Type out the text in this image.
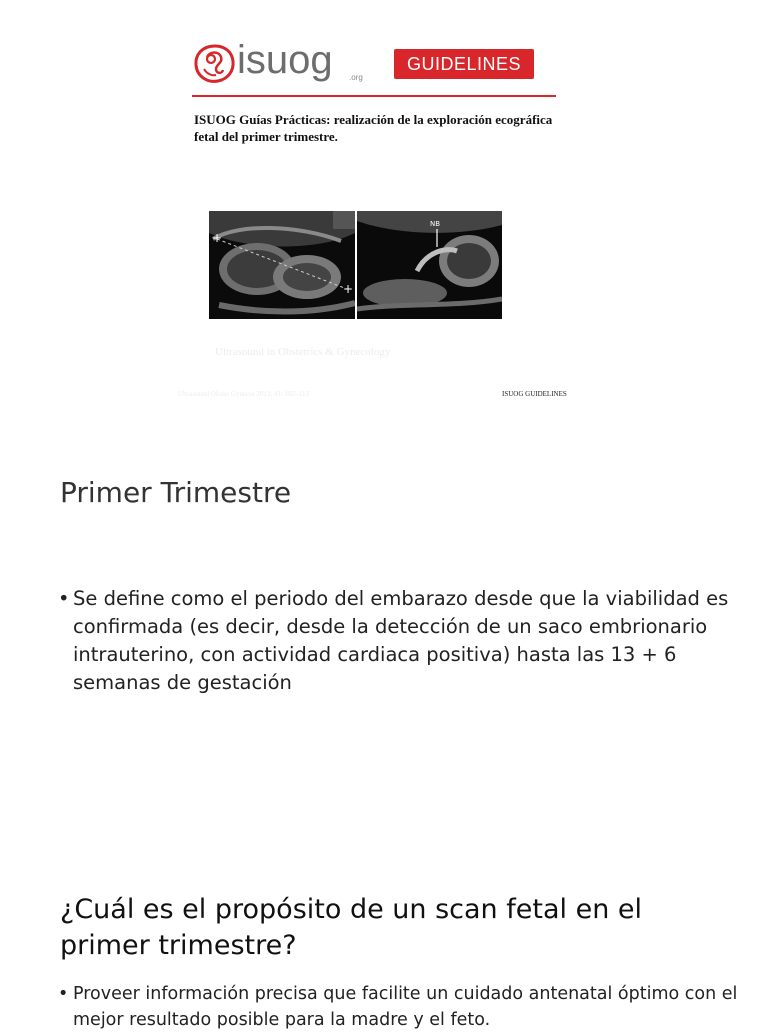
isuog .org
GUIDELINES
ISUOG Guías Prácticas: realización de la exploración ecográfica fetal del primer trimestre.
+
+
NB
Ultrasound in Obstetrics & Gynecology
Ultrasound Obstet Gynecol 2013; 41: 102–113	ISUOG GUIDELINES
Primer Trimestre
• Se define como el periodo del embarazo desde que la viabilidad es confirmada (es decir, desde la detección de un saco embrionario intrauterino, con actividad cardiaca positiva) hasta las 13 + 6 semanas de gestación
¿Cuál es el propósito de un scan fetal en el primer trimestre?
• Proveer información precisa que facilite un cuidado antenatal óptimo con el mejor resultado posible para la madre y el feto.
